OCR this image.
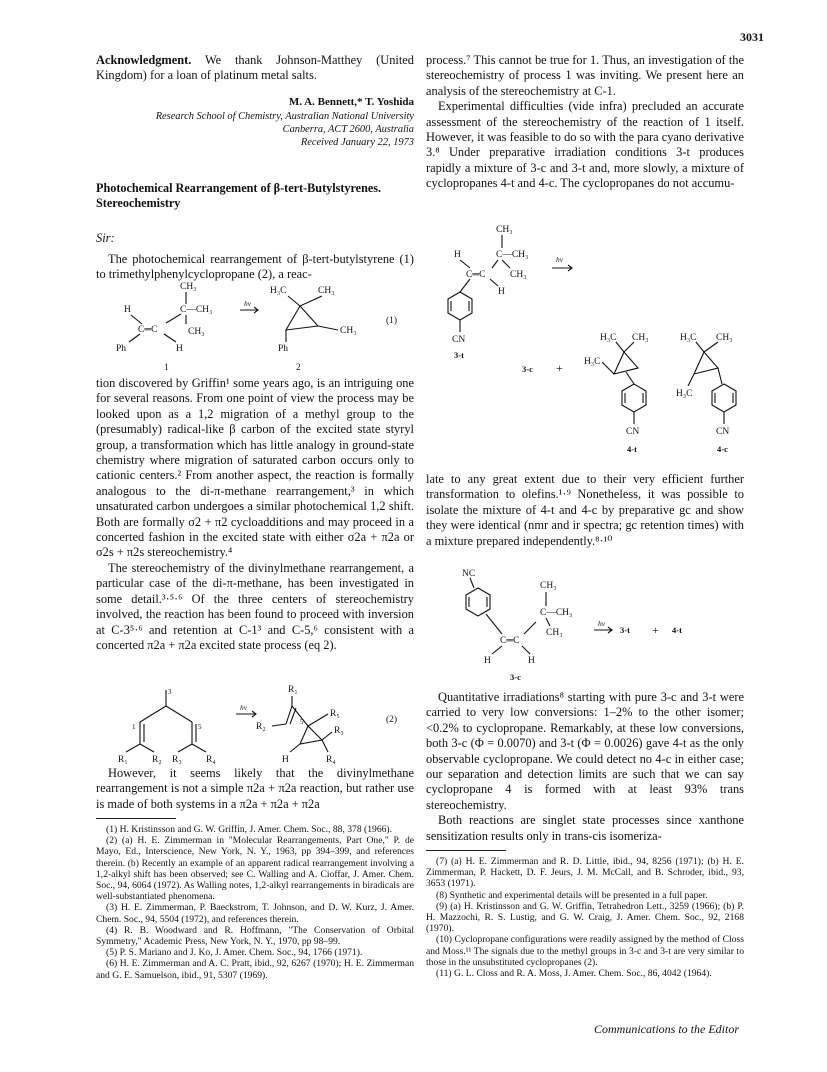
3031

Acknowledgment. We thank Johnson-Matthey (United Kingdom) for a loan of platinum metal salts.

M. A. Bennett,* T. Yoshida
Research School of Chemistry, Australian National University
Canberra, ACT 2600, Australia
Received January 22, 1973
Photochemical Rearrangement of β-tert-Butylstyrenes.
Stereochemistry
Sir:

The photochemical rearrangement of β-tert-butylstyrene (1) to trimethylphenylcyclopropane (2), a reac-

CH₃
C—CH₃
H
C═C	CH₃
Ph	H
1
hν
H₃C	CH₃
CH₃
Ph
2
(1)

tion discovered by Griffin¹ some years ago, is an intriguing one for several reasons. From one point of view the process may be looked upon as a 1,2 migration of a methyl group to the (presumably) radical-like β carbon of the excited state styryl group, a transformation which has little analogy in ground-state chemistry where migration of saturated carbon occurs only to cationic centers.² From another aspect, the reaction is formally analogous to the di-π-methane rearrangement,³ in which unsaturated carbon undergoes a similar photochemical 1,2 shift. Both are formally σ2 + π2 cycloadditions and may proceed in a concerted fashion in the excited state with either σ2a + π2a or σ2s + π2s stereochemistry.⁴

The stereochemistry of the divinylmethane rearrangement, a particular case of the di-π-methane, has been investigated in some detail.³·⁵·⁶ Of the three centers of stereochemistry involved, the reaction has been found to proceed with inversion at C-3⁵·⁶ and retention at C-1³ and C-5,⁶ consistent with a concerted π2a + π2a excited state process (eq 2).

3
1	5
R₁	R₂ R₃	R₄
hν
R₁
R₅
R₃
R₂	5
H	R₄
(2)

However, it seems likely that the divinylmethane rearrangement is not a simple π2a + π2a reaction, but rather use is made of both systems in a π2a + π2a + π2a

(1) H. Kristinsson and G. W. Griffin, J. Amer. Chem. Soc., 88, 378 (1966).

(2) (a) H. E. Zimmerman in "Molecular Rearrangements, Part One," P. de Mayo, Ed., Interscience, New York, N. Y., 1963, pp 394–399, and references therein. (b) Recently an example of an apparent radical rearrangement involving a 1,2-alkyl shift has been observed; see C. Walling and A. Cioffar, J. Amer. Chem. Soc., 94, 6064 (1972). As Walling notes, 1,2-alkyl rearrangements in biradicals are well-substantiated phenomena.

(3) H. E. Zimmerman, P. Baeckstrom, T. Johnson, and D. W. Kurz, J. Amer. Chem. Soc., 94, 5504 (1972), and references therein.

(4) R. B. Woodward and R. Hoffmann, "The Conservation of Orbital Symmetry," Academic Press, New York, N. Y., 1970, pp 98–99.

(5) P. S. Mariano and J. Ko, J. Amer. Chem. Soc., 94, 1766 (1971).

(6) H. E. Zimmerman and A. C. Pratt, ibid., 92, 6267 (1970); H. E. Zimmerman and G. E. Samuelson, ibid., 91, 5307 (1969).

process.⁷ This cannot be true for 1. Thus, an investigation of the stereochemistry of process 1 was inviting. We present here an analysis of the stereochemistry at C-1.

Experimental difficulties (vide infra) precluded an accurate assessment of the stereochemistry of the reaction of 1 itself. However, it was feasible to do so with the para cyano derivative 3.⁸ Under preparative irradiation conditions 3-t produces rapidly a mixture of 3-c and 3-t and, more slowly, a mixture of cyclopropanes 4-t and 4-c. The cyclopropanes do not accumu-

CH₃
C—CH₃
H
C═C	CH₃
H
CN
3-t
hν
3-c +
H₃C CH₃
H₃C
CN
4-t
H₃C CH₃
H₃C
CN
4-c

late to any great extent due to their very efficient further transformation to olefins.¹·⁹ Nonetheless, it was possible to isolate the mixture of 4-t and 4-c by preparative gc and show they were identical (nmr and ir spectra; gc retention times) with a mixture prepared independently.⁸·¹⁰

NC
C═C
H	H
CH₃
C—CH₃
CH₃
3-c
hν
3-t + 4-t

Quantitative irradiations⁸ starting with pure 3-c and 3-t were carried to very low conversions: 1–2% to the other isomer; <0.2% to cyclopropane. Remarkably, at these low conversions, both 3-c (Φ = 0.0070) and 3-t (Φ = 0.0026) gave 4-t as the only observable cyclopropane. We could detect no 4-c in either case; our separation and detection limits are such that we can say cyclopropane 4 is formed with at least 93% trans stereochemistry.

Both reactions are singlet state processes since xanthone sensitization results only in trans-cis isomeriza-

(7) (a) H. E. Zimmerman and R. D. Little, ibid., 94, 8256 (1971); (b) H. E. Zimmerman, P. Hackett, D. F. Jeurs, J. M. McCall, and B. Schroder, ibid., 93, 3653 (1971).

(8) Synthetic and experimental details will be presented in a full paper.

(9) (a) H. Kristinsson and G. W. Griffin, Tetrahedron Lett., 3259 (1966); (b) P. H. Mazzochi, R. S. Lustig, and G. W. Craig, J. Amer. Chem. Soc., 92, 2168 (1970).

(10) Cyclopropane configurations were readily assigned by the method of Closs and Moss.¹¹ The signals due to the methyl groups in 3-c and 3-t are very similar to those in the unsubstituted cyclopropanes (2).

(11) G. L. Closs and R. A. Moss, J. Amer. Chem. Soc., 86, 4042 (1964).

Communications to the Editor
